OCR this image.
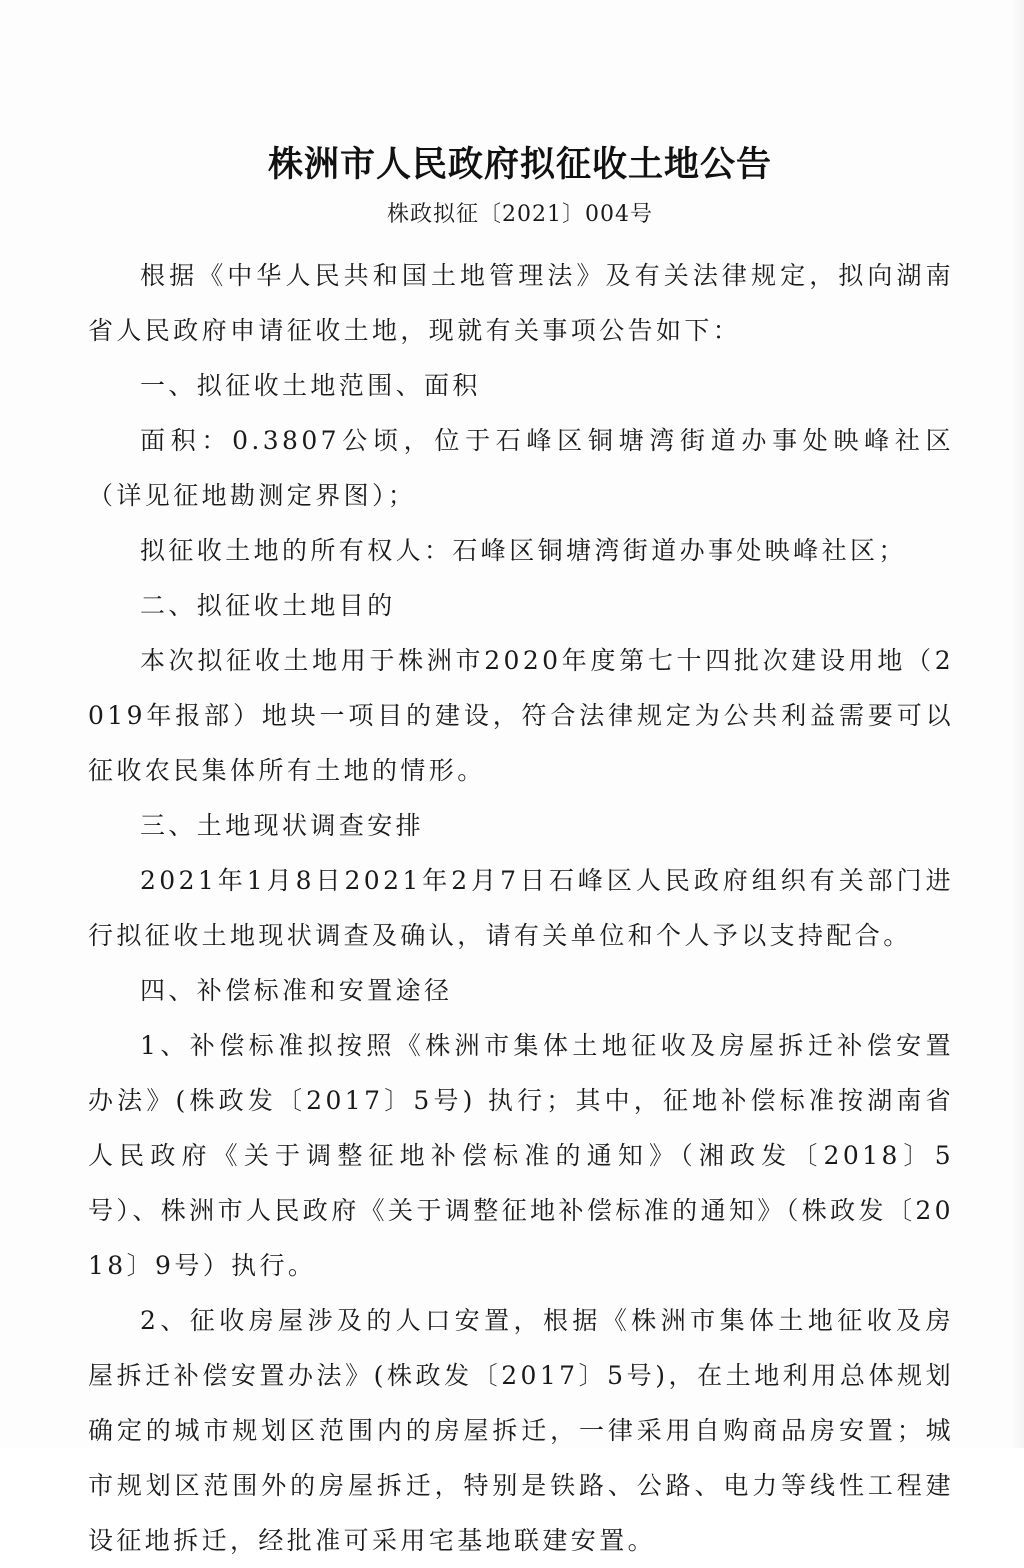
株洲市人民政府拟征收土地公告
株政拟征〔2021〕004号

根据《中华人民共和国土地管理法》及有关法律规定，拟向湖南省人民政府申请征收土地，现就有关事项公告如下：

一、拟征收土地范围、面积

面积：0.3807公顷，位于石峰区铜塘湾街道办事处映峰社区（详见征地勘测定界图）；

拟征收土地的所有权人：石峰区铜塘湾街道办事处映峰社区；

二、拟征收土地目的

本次拟征收土地用于株洲市2020年度第七十四批次建设用地（2019年报部）地块一项目的建设，符合法律规定为公共利益需要可以征收农民集体所有土地的情形。

三、土地现状调查安排

2021年1月8日2021年2月7日石峰区人民政府组织有关部门进行拟征收土地现状调查及确认，请有关单位和个人予以支持配合。

四、补偿标准和安置途径

1、补偿标准拟按照《株洲市集体土地征收及房屋拆迁补偿安置办法》(株政发〔2017〕5号) 执行；其中，征地补偿标准按湖南省人民政府《关于调整征地补偿标准的通知》（湘政发〔2018〕5号）、株洲市人民政府《关于调整征地补偿标准的通知》（株政发〔2018〕9号）执行。

2、征收房屋涉及的人口安置，根据《株洲市集体土地征收及房屋拆迁补偿安置办法》(株政发〔2017〕5号)，在土地利用总体规划确定的城市规划区范围内的房屋拆迁，一律采用自购商品房安置；城市规划区范围外的房屋拆迁，特别是铁路、公路、电力等线性工程建设征地拆迁，经批准可采用宅基地联建安置。
